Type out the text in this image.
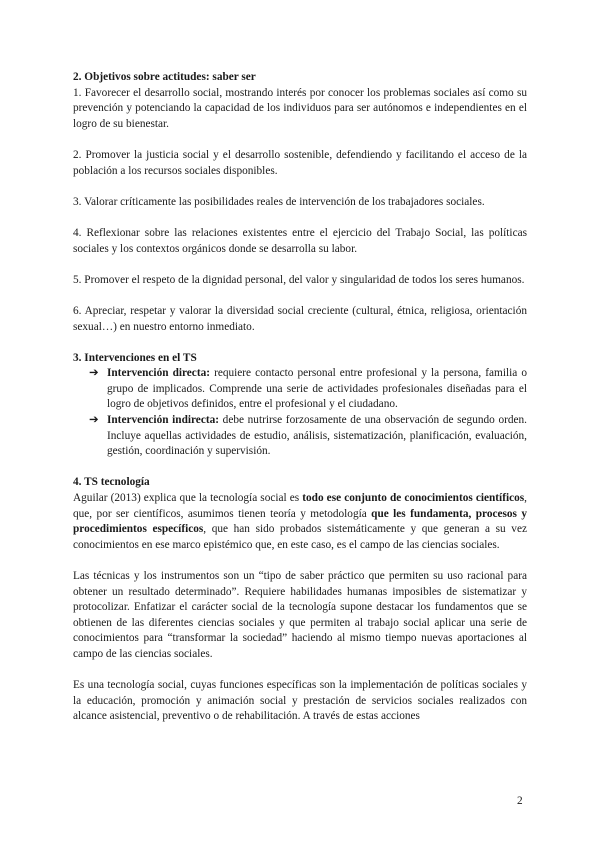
2. Objetivos sobre actitudes: saber ser

1. Favorecer el desarrollo social, mostrando interés por conocer los problemas sociales así como su prevención y potenciando la capacidad de los individuos para ser autónomos e independientes en el logro de su bienestar.

2. Promover la justicia social y el desarrollo sostenible, defendiendo y facilitando el acceso de la población a los recursos sociales disponibles.

3. Valorar críticamente las posibilidades reales de intervención de los trabajadores sociales.

4. Reflexionar sobre las relaciones existentes entre el ejercicio del Trabajo Social, las políticas sociales y los contextos orgánicos donde se desarrolla su labor.

5. Promover el respeto de la dignidad personal, del valor y singularidad de todos los seres humanos.

6. Apreciar, respetar y valorar la diversidad social creciente (cultural, étnica, religiosa, orientación sexual…) en nuestro entorno inmediato.

3. Intervenciones en el TS
➔ Intervención directa: requiere contacto personal entre profesional y la persona, familia o grupo de implicados. Comprende una serie de actividades profesionales diseñadas para el logro de objetivos definidos, entre el profesional y el ciudadano.
➔ Intervención indirecta: debe nutrirse forzosamente de una observación de segundo orden. Incluye aquellas actividades de estudio, análisis, sistematización, planificación, evaluación, gestión, coordinación y supervisión.
4. TS tecnología

Aguilar (2013) explica que la tecnología social es todo ese conjunto de conocimientos científicos, que, por ser científicos, asumimos tienen teoría y metodología que les fundamenta, procesos y procedimientos específicos, que han sido probados sistemáticamente y que generan a su vez conocimientos en ese marco epistémico que, en este caso, es el campo de las ciencias sociales.

Las técnicas y los instrumentos son un “tipo de saber práctico que permiten su uso racional para obtener un resultado determinado”. Requiere habilidades humanas imposibles de sistematizar y protocolizar. Enfatizar el carácter social de la tecnología supone destacar los fundamentos que se obtienen de las diferentes ciencias sociales y que permiten al trabajo social aplicar una serie de conocimientos para “transformar la sociedad” haciendo al mismo tiempo nuevas aportaciones al campo de las ciencias sociales.

Es una tecnología social, cuyas funciones específicas son la implementación de políticas sociales y la educación, promoción y animación social y prestación de servicios sociales realizados con alcance asistencial, preventivo o de rehabilitación. A través de estas acciones

2
